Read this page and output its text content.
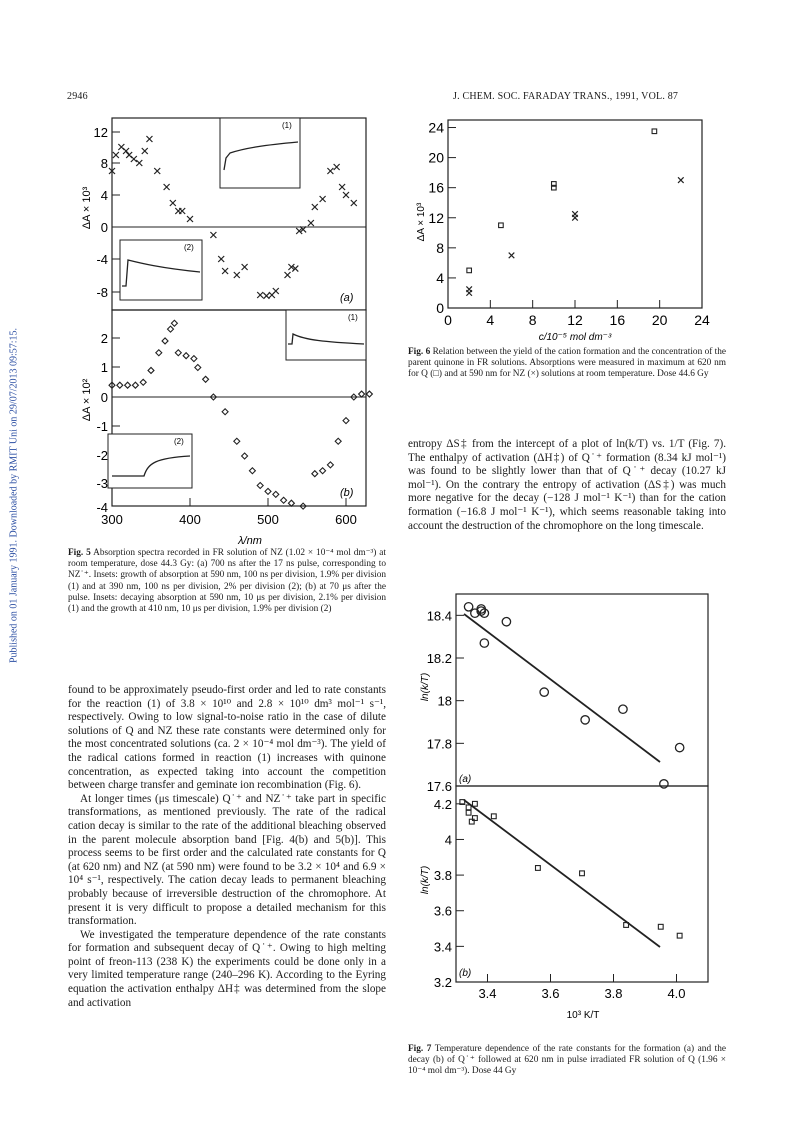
2946	J. CHEM. SOC. FARADAY TRANS., 1991, VOL. 87
Published on 01 January 1991. Downloaded by RMIT Uni on 29/07/2013 09:57:15.
12
8
4
0
-4
-8
2
1
0
-1
-2
-3
-4
300	400	500	600
λ/nm
ΔA × 10³
ΔA × 10²
(a)
(b)
(1)
(2)
(1)
(2)
Fig. 5 Absorption spectra recorded in FR solution of NZ (1.02 × 10⁻⁴ mol dm⁻³) at room temperature, dose 44.3 Gy: (a) 700 ns after the 17 ns pulse, corresponding to NZ˙⁺. Insets: growth of absorption at 590 nm, 100 ns per division, 1.9% per division (1) and at 390 nm, 100 ns per division, 2% per division (2); (b) at 70 μs after the pulse. Insets: decaying absorption at 590 nm, 10 μs per division, 2.1% per division (1) and the growth at 410 nm, 10 μs per division, 1.9% per division (2)
0 4 8 12 16 20 24
24
20
16
12
8
4
0
c/10⁻⁵ mol dm⁻³
ΔA × 10³
Fig. 6 Relation between the yield of the cation formation and the concentration of the parent quinone in FR solutions. Absorptions were measured in maximum at 620 nm for Q (□) and at 590 nm for NZ (×) solutions at room temperature. Dose 44.6 Gy

entropy ΔS‡ from the intercept of a plot of ln(k/T) vs. 1/T (Fig. 7). The enthalpy of activation (ΔH‡) of Q˙⁺ formation (8.34 kJ mol⁻¹) was found to be slightly lower than that of Q˙⁺ decay (10.27 kJ mol⁻¹). On the contrary the entropy of activation (ΔS‡) was much more negative for the decay (−128 J mol⁻¹ K⁻¹) than for the cation formation (−16.8 J mol⁻¹ K⁻¹), which seems reasonable taking into account the destruction of the chromophore on the long timescale.

3.4	3.6	3.8	4.0
18.4
18.2
18
17.8
17.6
4.2
4
3.8
3.6
3.4
3.2
10³ K/T
ln(k/T)
ln(k/T)
(a)
(b)
Fig. 7 Temperature dependence of the rate constants for the formation (a) and the decay (b) of Q˙⁺ followed at 620 nm in pulse irradiated FR solution of Q (1.96 × 10⁻⁴ mol dm⁻³). Dose 44 Gy

found to be approximately pseudo-first order and led to rate constants for the reaction (1) of 3.8 × 10¹⁰ and 2.8 × 10¹⁰ dm³ mol⁻¹ s⁻¹, respectively. Owing to low signal-to-noise ratio in the case of dilute solutions of Q and NZ these rate constants were determined only for the most concentrated solutions (ca. 2 × 10⁻⁴ mol dm⁻³). The yield of the radical cations formed in reaction (1) increases with quinone concentration, as expected taking into account the competition between charge transfer and geminate ion recombination (Fig. 6).

At longer times (μs timescale) Q˙⁺ and NZ˙⁺ take part in specific transformations, as mentioned previously. The rate of the radical cation decay is similar to the rate of the additional bleaching observed in the parent molecule absorption band [Fig. 4(b) and 5(b)]. This process seems to be first order and the calculated rate constants for Q (at 620 nm) and NZ (at 590 nm) were found to be 3.2 × 10⁴ and 6.9 × 10⁴ s⁻¹, respectively. The cation decay leads to permanent bleaching probably because of irreversible destruction of the chromophore. At present it is very difficult to propose a detailed mechanism for this transformation.

We investigated the temperature dependence of the rate constants for formation and subsequent decay of Q˙⁺. Owing to high melting point of freon-113 (238 K) the experiments could be done only in a very limited temperature range (240–296 K). According to the Eyring equation the activation enthalpy ΔH‡ was determined from the slope and activation
